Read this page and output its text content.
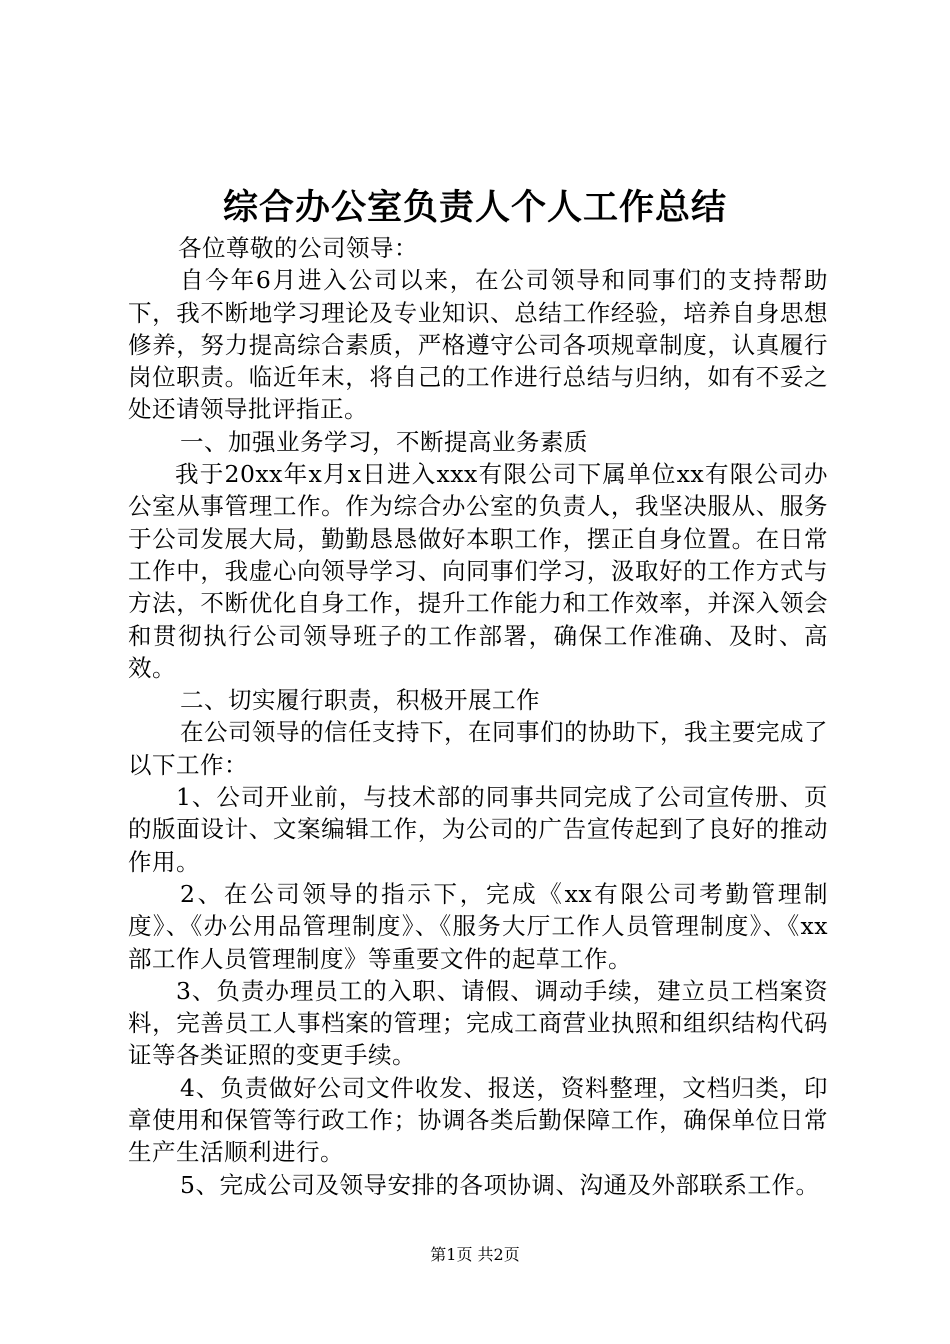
综合办公室负责人个人工作总结

各位尊敬的公司领导：

自今年6月进入公司以来，在公司领导和同事们的支持帮助下，我不断地学习理论及专业知识、总结工作经验，培养自身思想修养，努力提高综合素质，严格遵守公司各项规章制度，认真履行岗位职责。临近年末，将自己的工作进行总结与归纳，如有不妥之处还请领导批评指正。

一、加强业务学习，不断提高业务素质

我于20xx年x月x日进入xxx有限公司下属单位xx有限公司办公室从事管理工作。作为综合办公室的负责人，我坚决服从、服务于公司发展大局，勤勤恳恳做好本职工作，摆正自身位置。在日常工作中，我虚心向领导学习、向同事们学习，汲取好的工作方式与方法，不断优化自身工作，提升工作能力和工作效率，并深入领会和贯彻执行公司领导班子的工作部署，确保工作准确、及时、高效。

二、切实履行职责，积极开展工作

在公司领导的信任支持下，在同事们的协助下，我主要完成了以下工作：

1、公司开业前，与技术部的同事共同完成了公司宣传册、页的版面设计、文案编辑工作，为公司的广告宣传起到了良好的推动作用。

2、在公司领导的指示下，完成《xx有限公司考勤管理制度》、《办公用品管理制度》、《服务大厅工作人员管理制度》、《xx部工作人员管理制度》等重要文件的起草工作。

3、负责办理员工的入职、请假、调动手续，建立员工档案资料，完善员工人事档案的管理；完成工商营业执照和组织结构代码证等各类证照的变更手续。

4、负责做好公司文件收发、报送，资料整理，文档归类，印章使用和保管等行政工作；协调各类后勤保障工作，确保单位日常生产生活顺利进行。

5、完成公司及领导安排的各项协调、沟通及外部联系工作。

第1页 共2页
